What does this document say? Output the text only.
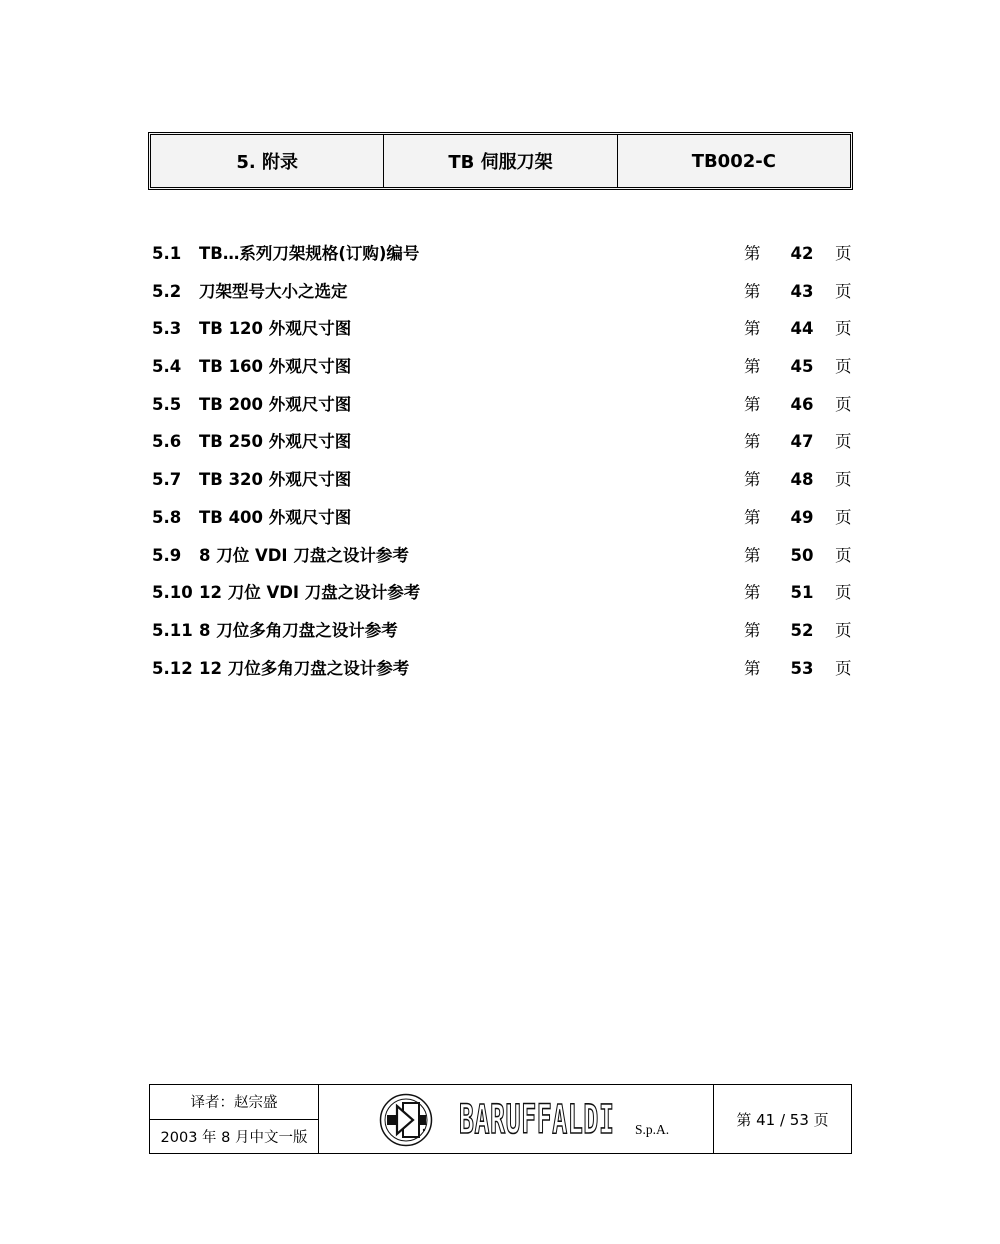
5. 附录	TB 伺服刀架	TB002-C
5.1 TB…系列刀架规格(订购)编号	第 42 页
5.2 刀架型号大小之选定	第 43 页
5.3 TB 120 外观尺寸图	第 44 页
5.4 TB 160 外观尺寸图	第 45 页
5.5 TB 200 外观尺寸图	第 46 页
5.6 TB 250 外观尺寸图	第 47 页
5.7 TB 320 外观尺寸图	第 48 页
5.8 TB 400 外观尺寸图	第 49 页
5.9 8 刀位 VDI 刀盘之设计参考	第 50 页
5.10 12 刀位 VDI 刀盘之设计参考	第 51 页
5.11 8 刀位多角刀盘之设计参考	第 52 页
5.12 12 刀位多角刀盘之设计参考	第 53 页
译者：赵宗盛
2003 年 8 月中文一版	BARUFFALDI S.p.A.
第 41 / 53 页
